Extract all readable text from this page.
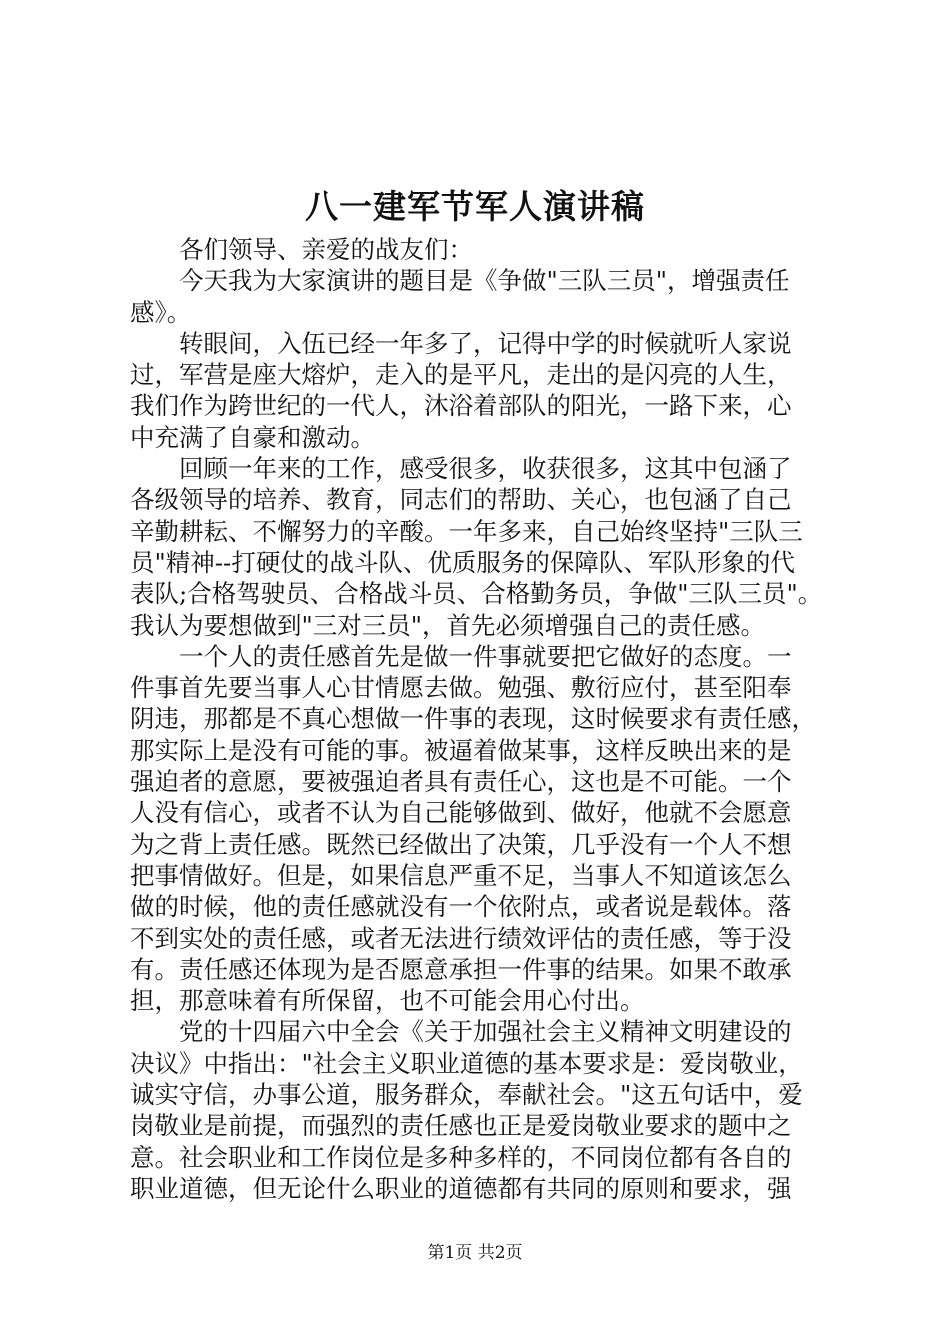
八一建军节军人演讲稿
各们领导、亲爱的战友们：
今天我为大家演讲的题目是《争做"三队三员"，增强责任
感》。
转眼间，入伍已经一年多了，记得中学的时候就听人家说
过，军营是座大熔炉，走入的是平凡，走出的是闪亮的人生，
我们作为跨世纪的一代人，沐浴着部队的阳光，一路下来，心
中充满了自豪和激动。
回顾一年来的工作，感受很多，收获很多，这其中包涵了
各级领导的培养、教育，同志们的帮助、关心，也包涵了自己
辛勤耕耘、不懈努力的辛酸。一年多来，自己始终坚持"三队三
员"精神--打硬仗的战斗队、优质服务的保障队、军队形象的代
表队;合格驾驶员、合格战斗员、合格勤务员，争做"三队三员"。
我认为要想做到"三对三员"，首先必须增强自己的责任感。
一个人的责任感首先是做一件事就要把它做好的态度。一
件事首先要当事人心甘情愿去做。勉强、敷衍应付，甚至阳奉
阴违，那都是不真心想做一件事的表现，这时候要求有责任感，
那实际上是没有可能的事。被逼着做某事，这样反映出来的是
强迫者的意愿，要被强迫者具有责任心，这也是不可能。一个
人没有信心，或者不认为自己能够做到、做好，他就不会愿意
为之背上责任感。既然已经做出了决策，几乎没有一个人不想
把事情做好。但是，如果信息严重不足，当事人不知道该怎么
做的时候，他的责任感就没有一个依附点，或者说是载体。落
不到实处的责任感，或者无法进行绩效评估的责任感，等于没
有。责任感还体现为是否愿意承担一件事的结果。如果不敢承
担，那意味着有所保留，也不可能会用心付出。
党的十四届六中全会《关于加强社会主义精神文明建设的
决议》中指出："社会主义职业道德的基本要求是：爱岗敬业，
诚实守信，办事公道，服务群众，奉献社会。"这五句话中，爱
岗敬业是前提，而强烈的责任感也正是爱岗敬业要求的题中之
意。社会职业和工作岗位是多种多样的，不同岗位都有各自的
职业道德，但无论什么职业的道德都有共同的原则和要求，强
第1页 共2页
